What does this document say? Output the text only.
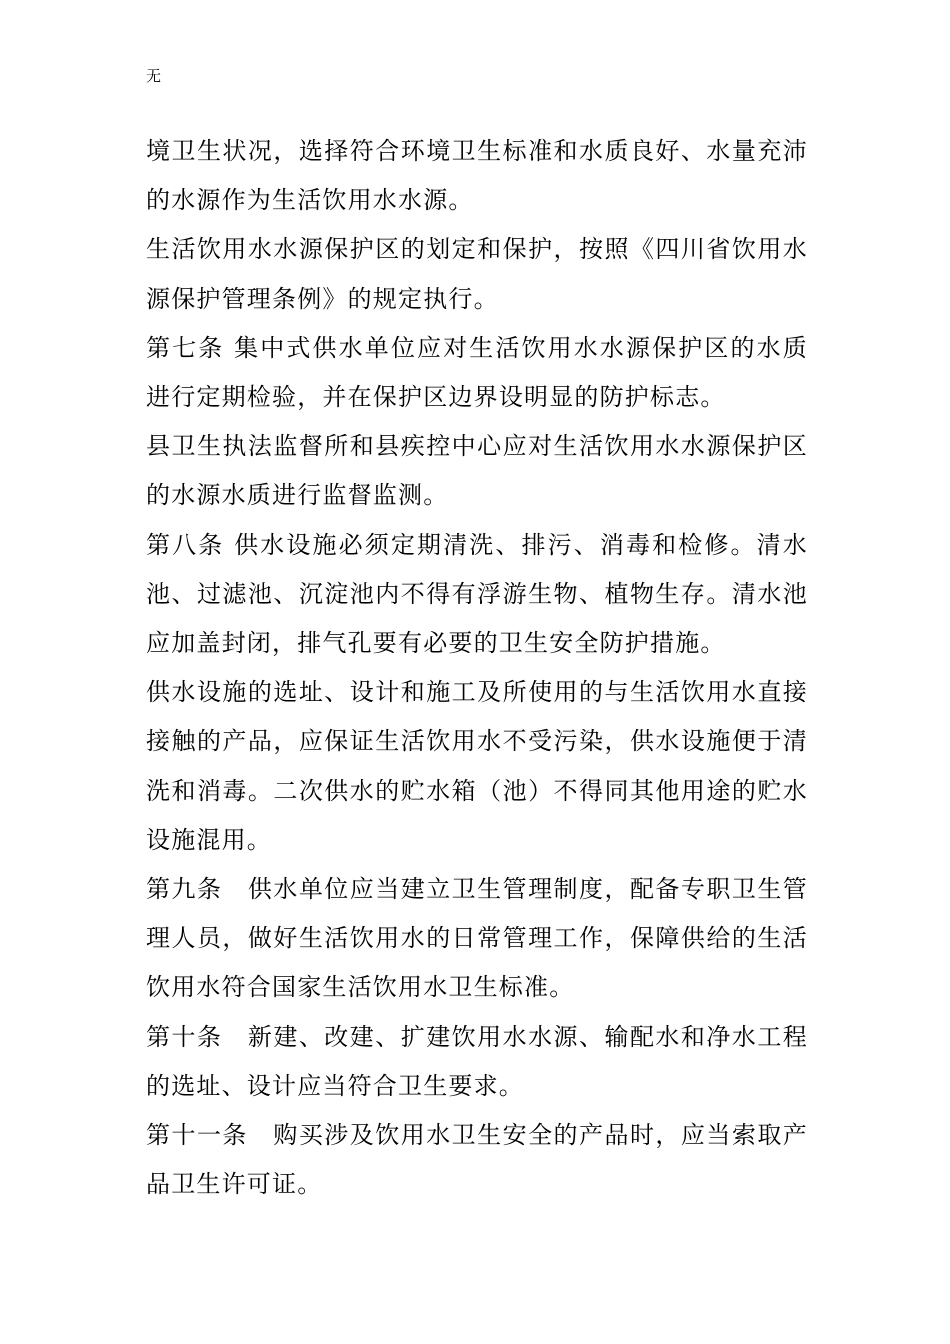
无

境卫生状况，选择符合环境卫生标准和水质良好、水量充沛的水源作为生活饮用水水源。

生活饮用水水源保护区的划定和保护，按照《四川省饮用水源保护管理条例》的规定执行。

第七条 集中式供水单位应对生活饮用水水源保护区的水质进行定期检验，并在保护区边界设明显的防护标志。

县卫生执法监督所和县疾控中心应对生活饮用水水源保护区的水源水质进行监督监测。

第八条 供水设施必须定期清洗、排污、消毒和检修。清水池、过滤池、沉淀池内不得有浮游生物、植物生存。清水池应加盖封闭，排气孔要有必要的卫生安全防护措施。

供水设施的选址、设计和施工及所使用的与生活饮用水直接接触的产品，应保证生活饮用水不受污染，供水设施便于清洗和消毒。二次供水的贮水箱（池）不得同其他用途的贮水设施混用。

第九条　供水单位应当建立卫生管理制度，配备专职卫生管理人员，做好生活饮用水的日常管理工作，保障供给的生活饮用水符合国家生活饮用水卫生标准。

第十条　新建、改建、扩建饮用水水源、输配水和净水工程的选址、设计应当符合卫生要求。

第十一条　购买涉及饮用水卫生安全的产品时，应当索取产品卫生许可证。
